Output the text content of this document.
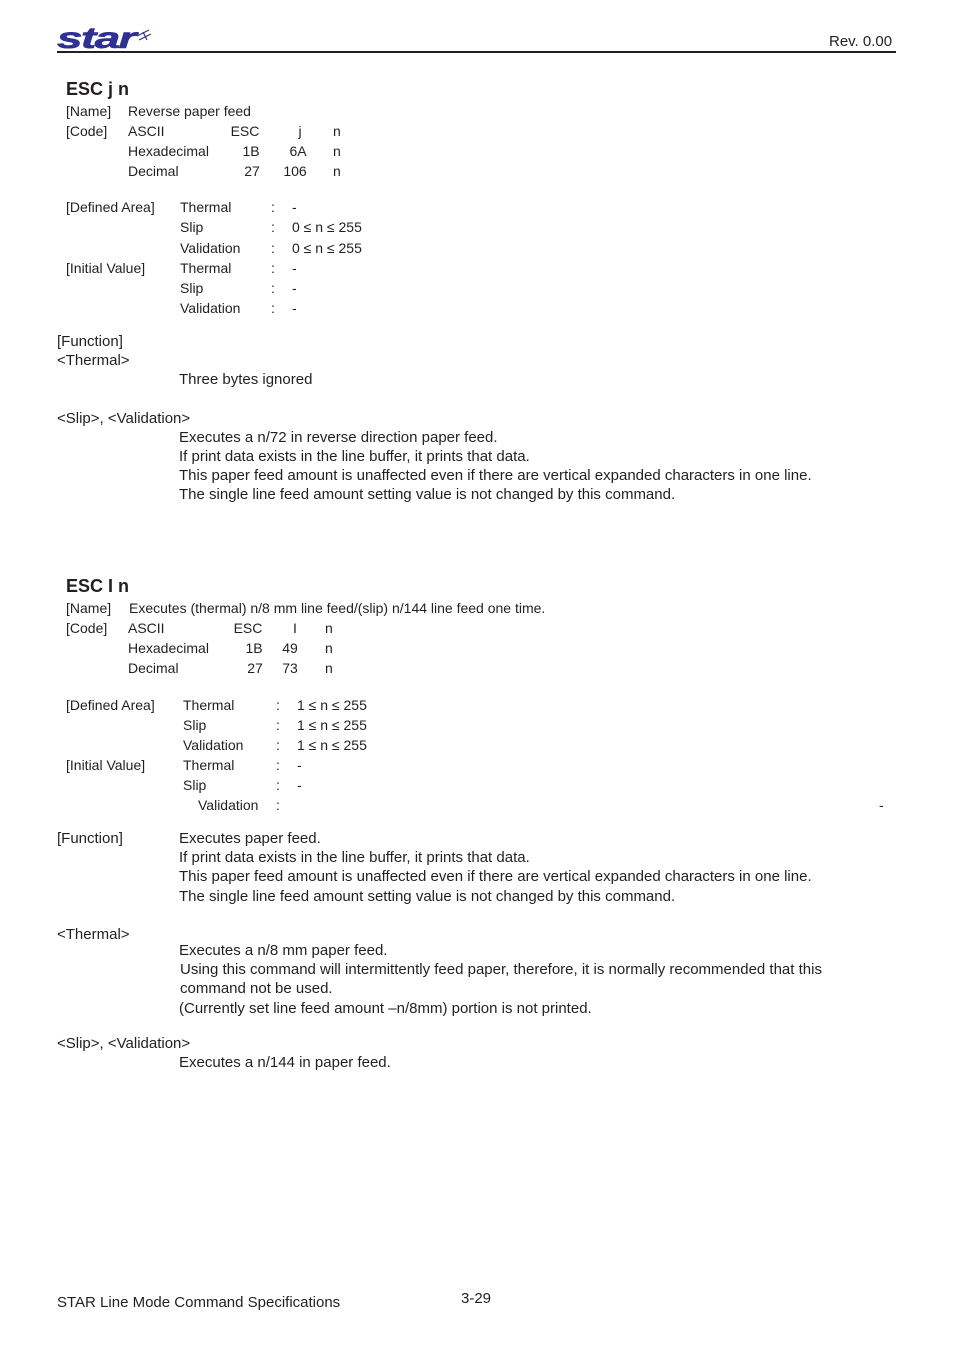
star	Rev. 0.00
ESC j n
[Name] Reverse paper feed
[Code] ASCII	ESC	j	n
Hexadecimal	1B	6A	n
Decimal	27	106	n
[Defined Area] Thermal	: -
Slip	: 0 ≤ n ≤ 255
Validation : 0 ≤ n ≤ 255
[Initial Value] Thermal	: -
Slip	: -
Validation : -
[Function]
<Thermal>
Three bytes ignored
<Slip>, <Validation>
Executes a n/72 in reverse direction paper feed.
If print data exists in the line buffer, it prints that data.
This paper feed amount is unaffected even if there are vertical expanded characters in one line.
The single line feed amount setting value is not changed by this command.
ESC I n
[Name] Executes (thermal) n/8 mm line feed/(slip) n/144 line feed one time.
[Code] ASCII	ESC	I	n
Hexadecimal	1B	49	n
Decimal	27	73	n
[Defined Area] Thermal	: 1 ≤ n ≤ 255
Slip	: 1 ≤ n ≤ 255
Validation : 1 ≤ n ≤ 255
[Initial Value]	Thermal	: -
Slip	: -
Validation :	-
[Function]	Executes paper feed.
If print data exists in the line buffer, it prints that data.
This paper feed amount is unaffected even if there are vertical expanded characters in one line.
The single line feed amount setting value is not changed by this command.
<Thermal>
Executes a n/8 mm paper feed.
Using this command will intermittently feed paper, therefore, it is normally recommended that this
command not be used.
(Currently set line feed amount –n/8mm) portion is not printed.
<Slip>, <Validation>
Executes a n/144 in paper feed.
STAR Line Mode Command Specifications	3-29
